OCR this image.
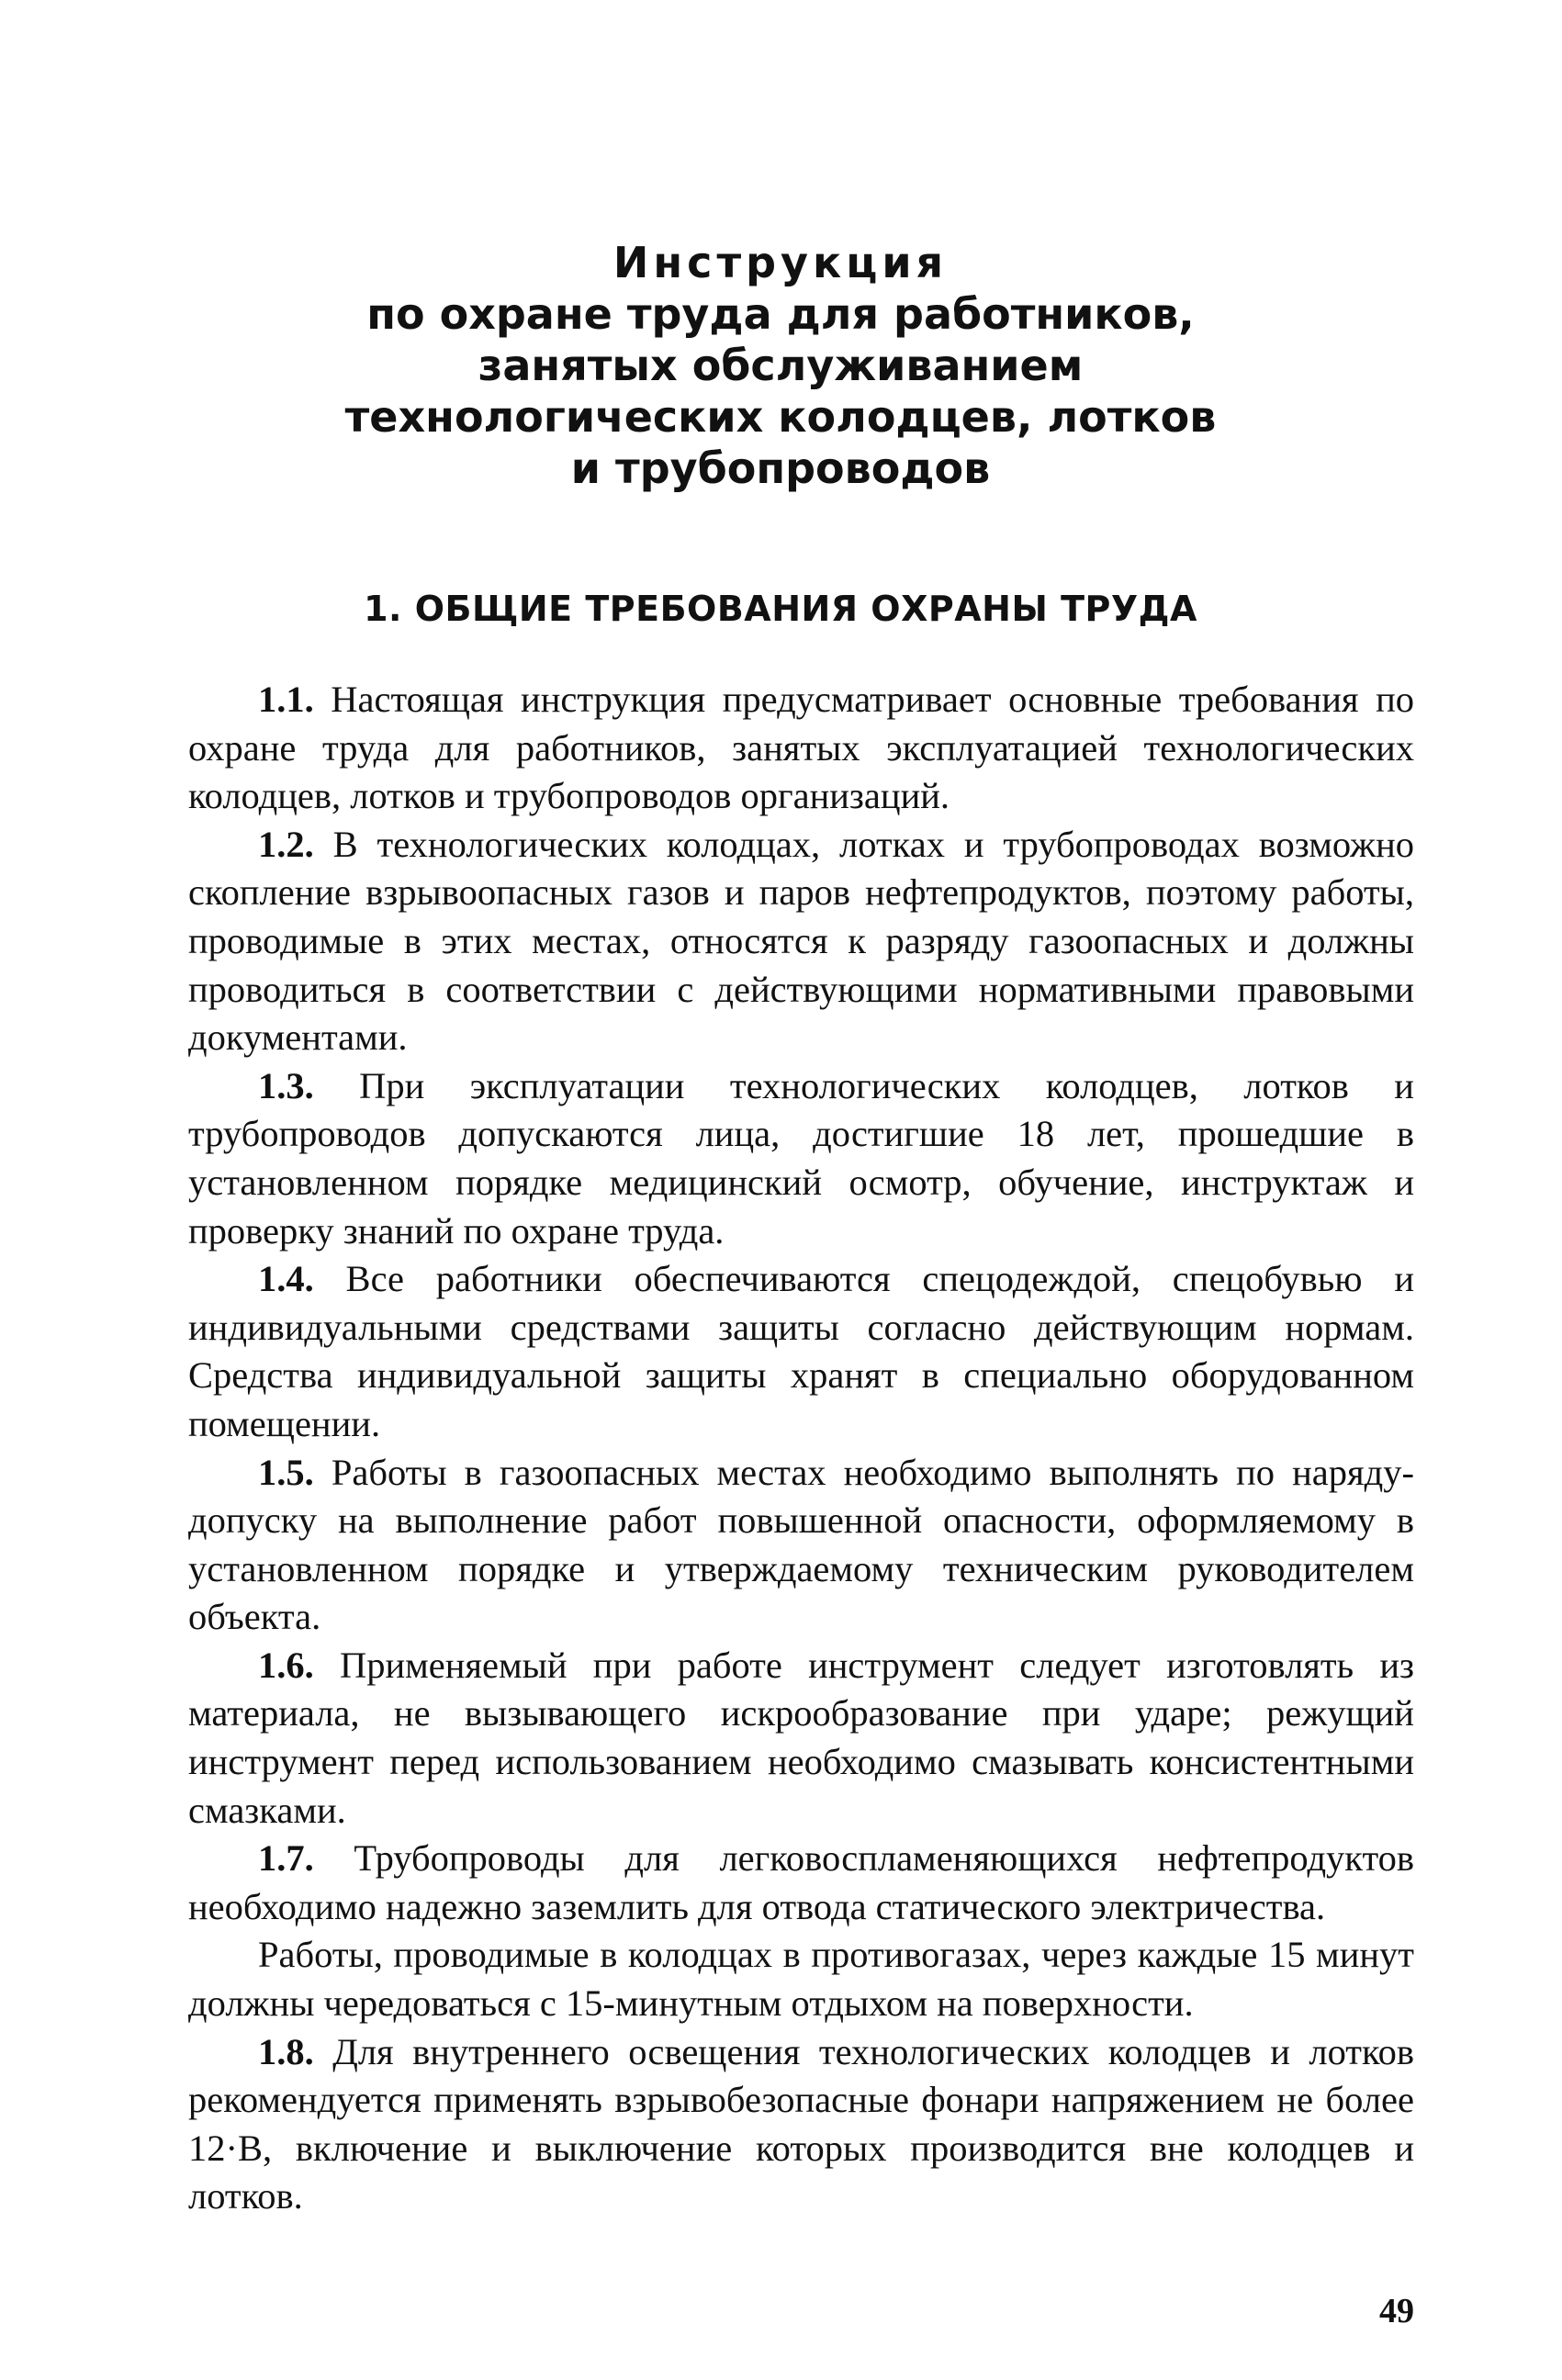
Инструкция
по охране труда для работников,
занятых обслуживанием
технологических колодцев, лотков
и трубопроводов
1. ОБЩИЕ ТРЕБОВАНИЯ ОХРАНЫ ТРУДА

1.1. Настоящая инструкция предусматривает основные требования по охране труда для работников, занятых эксплуатацией технологических колодцев, лотков и трубопроводов организаций.

1.2. В технологических колодцах, лотках и трубопроводах возможно скопление взрывоопасных газов и паров нефтепродуктов, поэтому работы, проводимые в этих местах, относятся к разряду газоопасных и должны проводиться в соответствии с действующими нормативными правовыми документами.

1.3. При эксплуатации технологических колодцев, лотков и трубопроводов допускаются лица, достигшие 18 лет, прошедшие в установленном порядке медицинский осмотр, обучение, инструктаж и проверку знаний по охране труда.

1.4. Все работники обеспечиваются спецодеждой, спецобувью и индивидуальными средствами защиты согласно действующим нормам. Средства индивидуальной защиты хранят в специально оборудованном помещении.

1.5. Работы в газоопасных местах необходимо выполнять по наряду-допуску на выполнение работ повышенной опасности, оформляемому в установленном порядке и утверждаемому техническим руководителем объекта.

1.6. Применяемый при работе инструмент следует изготовлять из материала, не вызывающего искрообразование при ударе; режущий инструмент перед использованием необходимо смазывать консистентными смазками.

1.7. Трубопроводы для легковоспламеняющихся нефтепродуктов необходимо надежно заземлить для отвода статического электричества.

Работы, проводимые в колодцах в противогазах, через каждые 15 минут должны чередоваться с 15-минутным отдыхом на поверхности.

1.8. Для внутреннего освещения технологических колодцев и лотков рекомендуется применять взрывобезопасные фонари напряжением не более 12·В, включение и выключение которых производится вне колодцев и лотков.

49
